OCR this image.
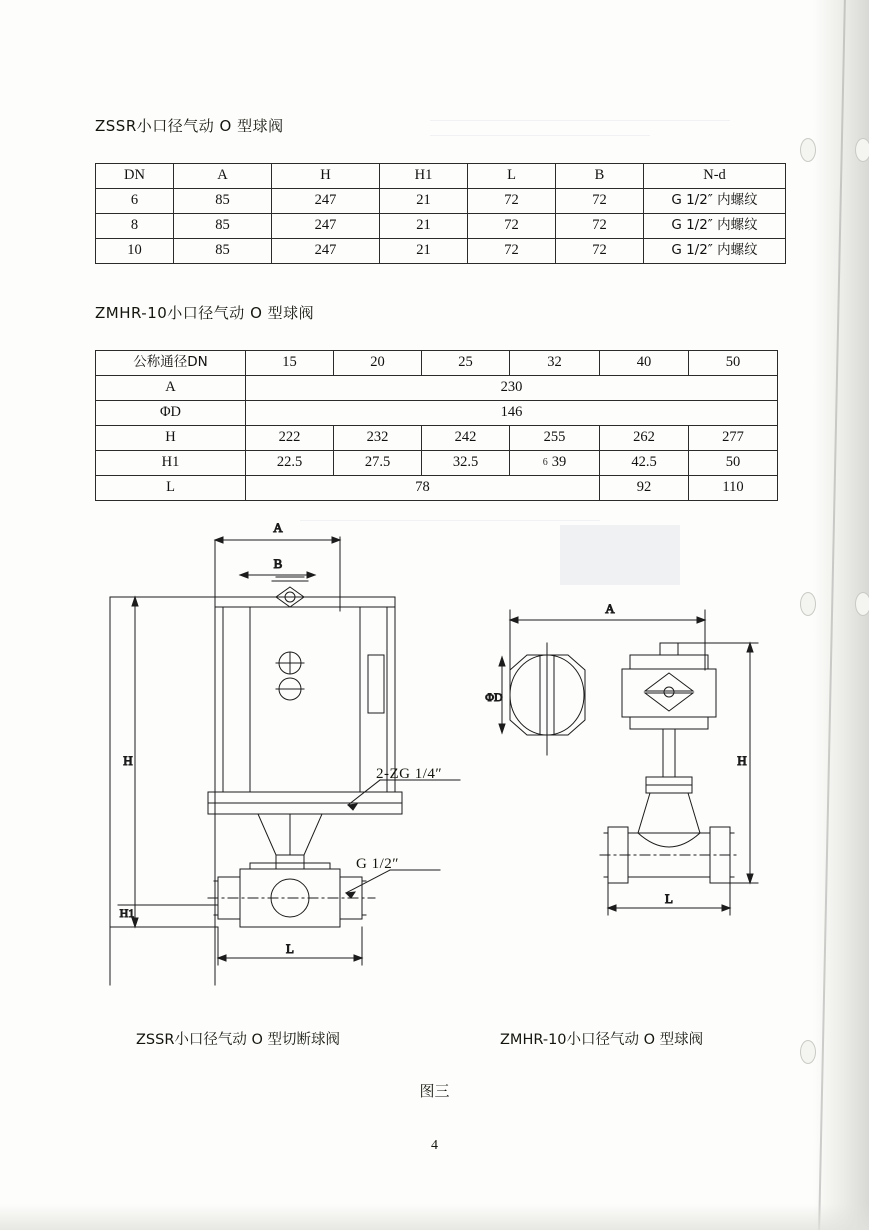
ZSSR小口径气动 O 型球阀
DN	A	H	H1	L	B	N-d
6	85	247	21	72	72	G 1/2″ 内螺纹
8	85	247	21	72	72	G 1/2″ 内螺纹
10	85	247	21	72	72	G 1/2″ 内螺纹
ZMHR-10小口径气动 O 型球阀
公称通径DN	15	20	25	32	40	50
A	230					
ΦD	146					
H	222	232	242	255	262	277
H1	22.5	27.5	32.5	6 39	42.5	50
L	78				92	110
A
B
H
H1
L
A
ΦD
H
L
2-ZG 1/4″
G 1/2″
ZSSR小口径气动 O 型切断球阀	ZMHR-10小口径气动 O 型球阀
图三
4
